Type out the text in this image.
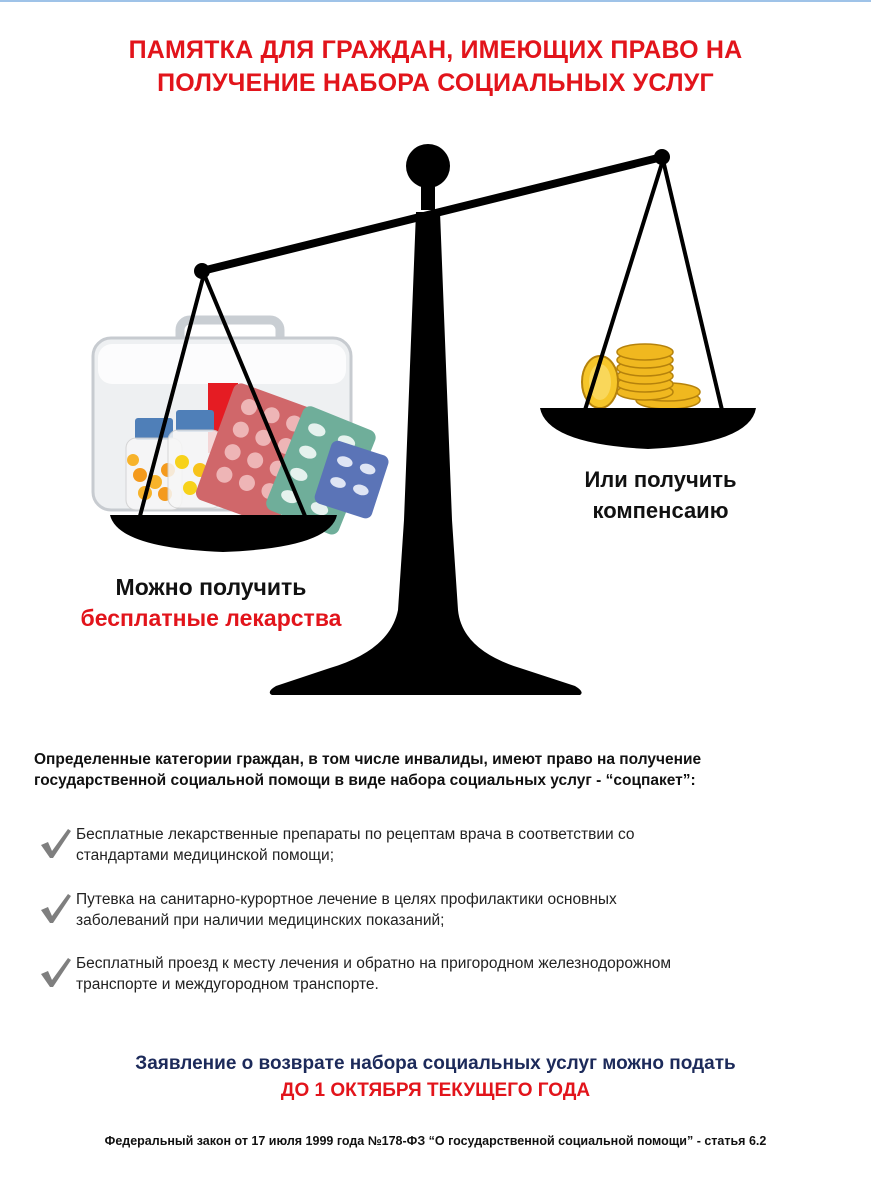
ПАМЯТКА ДЛЯ ГРАЖДАН, ИМЕЮЩИХ ПРАВО НА
ПОЛУЧЕНИЕ НАБОРА СОЦИАЛЬНЫХ УСЛУГ
Можно получить
бесплатные лекарства
Или получить
компенсаию
Определенные категории граждан, в том числе инвалиды, имеют право на получение
государственной социальной помощи в виде набора социальных услуг - “соцпакет”:
Бесплатные лекарственные препараты по рецептам врача в соответствии со
стандартами медицинской помощи;
Путевка на санитарно-курортное лечение в целях профилактики основных
заболеваний при наличии медицинских показаний;
Бесплатный проезд к месту лечения и обратно на пригородном железнодорожном
транспорте и междугородном транспорте.
Заявление о возврате набора социальных услуг можно подать
ДО 1 ОКТЯБРЯ ТЕКУЩЕГО ГОДА
Федеральный закон от 17 июля 1999 года №178-ФЗ “О государственной социальной помощи” - статья 6.2
